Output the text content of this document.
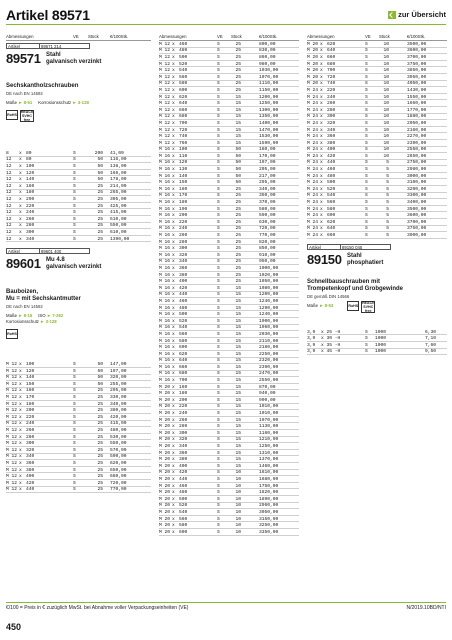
Artikel 89571	zur Übersicht
Abmessungen	VE Stück	€/100Stk.
Artikel	89571 214
89571 Stahl
galvanisch verzinkt
Sechskantholzschrauben
DE nach EN 14592
Maße ► 8-51 Korrosionsschutz ► 3-128
RoHS
REACh SVHC free
8 x 80	S	200 41,00
12 x 80	S	50 116,00
12 x 100	S	50 138,00
12 x 120	S	50 166,00
12 x 140	S	50 178,00
12 x 160	S	25 214,00
12 x 180	S	25 265,00
12 x 200	S	25 305,00
12 x 220	S	25 425,00
12 x 240	S	25 415,00
12 x 260	S	25 510,00
12 x 280	S	25 550,00
12 x 300	S	25 610,00
12 x 340	S	25 1390,00
Artikel	89601 400
89601 Mu 4.8
galvanisch verzinkt
Bauboizen,
Mu = mit Sechskantmutter
DE nach EN 14592
Maße ► 8-15 ISO ► 7-262
Korrosionsschutz ► 3-128
RoHS
M 12 x 100	S	50 147,00
M 12 x 120	S	50 197,00
M 12 x 140	S	50 320,00
M 12 x 150	S	50 255,00
M 12 x 160	S	25 295,00
M 12 x 170	S	25 330,00
M 12 x 180	S	25 340,00
M 12 x 200	S	25 380,00
M 12 x 220	S	25 420,00
M 12 x 240	S	25 415,00
M 12 x 260	S	25 480,00
M 12 x 280	S	25 530,00
M 12 x 300	S	25 550,00
M 12 x 320	S	25 570,00
M 12 x 340	S	25 590,00
M 12 x 360	S	25 620,00
M 12 x 380	S	25 650,00
M 12 x 400	S	25 680,00
M 12 x 420	S	25 720,00
M 12 x 440	S	25 770,00
Abmessungen	VE Stück	€/100Stk.
M 12 x 460	S	25	800,00
M 12 x 480	S	25	830,00
M 12 x 500	S	25	860,00
M 12 x 520	S	25	980,00
M 12 x 540	S	25	1030,00
M 12 x 560	S	25	1070,00
M 12 x 580	S	25	1110,00
M 12 x 600	S	25	1150,00
M 12 x 620	S	15	1200,00
M 12 x 640	S	15	1250,00
M 12 x 660	S	15	1300,00
M 12 x 680	S	15	1350,00
M 12 x 700	S	15	1400,00
M 12 x 720	S	15	1470,00
M 12 x 740	S	15	1530,00
M 12 x 760	S	15	1590,00
M 16 x 100	S	50	160,00
M 16 x 110	S	50	170,00
M 16 x 120	S	50	197,00
M 16 x 130	S	50	205,00
M 16 x 140	S	50	217,00
M 16 x 150	S	50	295,00
M 16 x 160	S	25	340,00
M 16 x 170	S	25	350,00
M 16 x 180	S	25	370,00
M 16 x 190	S	25	580,00
M 16 x 200	S	25	590,00
M 16 x 220	S	25	630,00
M 16 x 240	S	25	720,00
M 16 x 260	S	25	770,00
M 16 x 280	S	25	820,00
M 16 x 300	S	25	850,00
M 16 x 320	S	25	910,00
M 16 x 340	S	25	950,00
M 16 x 360	S	25	1000,00
M 16 x 380	S	25	1020,00
M 16 x 400	S	25	1050,00
M 16 x 420	S	15	1080,00
M 16 x 440	S	15	1200,00
M 16 x 460	S	15	1240,00
M 16 x 480	S	15	1290,00
M 16 x 500	S	15	1240,00
M 16 x 520	S	15	1900,00
M 16 x 540	S	15	1960,00
M 16 x 560	S	15	2030,00
M 16 x 580	S	15	2110,00
M 16 x 600	S	15	2180,00
M 16 x 620	S	15	2250,00
M 16 x 640	S	15	2320,00
M 16 x 660	S	15	2390,00
M 16 x 680	S	15	2470,00
M 16 x 700	S	15	2550,00
M 20 x 160	S	15	870,00
M 20 x 180	S	15	940,00
M 20 x 200	S	15	990,00
M 20 x 220	S	15	1010,00
M 20 x 240	S	15	1010,00
M 20 x 260	S	15	1070,00
M 20 x 280	S	15	1130,00
M 20 x 300	S	15	1160,00
M 20 x 320	S	15	1210,00
M 20 x 340	S	15	1250,00
M 20 x 360	S	15	1310,00
M 20 x 380	S	15	1370,00
M 20 x 400	S	15	1460,00
M 20 x 420	S	10	1610,00
M 20 x 440	S	10	1680,00
M 20 x 460	S	10	1750,00
M 20 x 480	S	10	1820,00
M 20 x 500	S	10	1890,00
M 20 x 520	S	10	2960,00
M 20 x 540	S	10	3050,00
M 20 x 560	S	10	3150,00
M 20 x 580	S	10	3250,00
M 20 x 600	S	10	3350,00
Abmessungen	VE Stück	€/100Stk.
M 20 x 620	S	10	3500,00
M 20 x 640	S	10	3600,00
M 20 x 660	S	10	3700,00
M 20 x 680	S	10	3750,00
M 20 x 700	S	10	3850,00
M 20 x 720	S	10	3950,00
M 20 x 740	S	10	4050,00
M 24 x 220	S	10	1430,00
M 24 x 240	S	10	1550,00
M 24 x 260	S	10	1660,00
M 24 x 280	S	10	1770,00
M 24 x 300	S	10	1880,00
M 24 x 320	S	10	2050,00
M 24 x 340	S	10	2160,00
M 24 x 360	S	10	2270,00
M 24 x 380	S	10	2390,00
M 24 x 400	S	10	2550,00
M 24 x 420	S	10	2650,00
M 24 x 440	S	5	2750,00
M 24 x 460	S	5	2980,00
M 24 x 480	S	5	3000,00
M 24 x 500	S	5	3100,00
M 24 x 520	S	5	3200,00
M 24 x 540	S	5	3300,00
M 24 x 560	S	5	3400,00
M 24 x 580	S	5	3500,00
M 24 x 600	S	5	3600,00
M 24 x 620	S	5	3700,00
M 24 x 640	S	5	3750,00
M 24 x 660	S	5	3900,00
Artikel	89150 045
89150 Stahl
phosphatiert
Schnellbauschrauben mit
Trompetenkopf und Grobgewinde
DE gemäß DIN 14566
Maße ► 8-53	RoHS
REACh SVHC free
3,9 x 25 -H	S 1000	6,30
3,9 x 30 -H	S 1000	7,10
3,9 x 35 -H	S 1000	7,60
3,9 x 45 -H	S 1000	9,50
€/100 = Preis in € zuzüglich MwSt. bei Abnahme voller Verpackungseinheiten (VE)	N/2019.10BD/NTI
450
